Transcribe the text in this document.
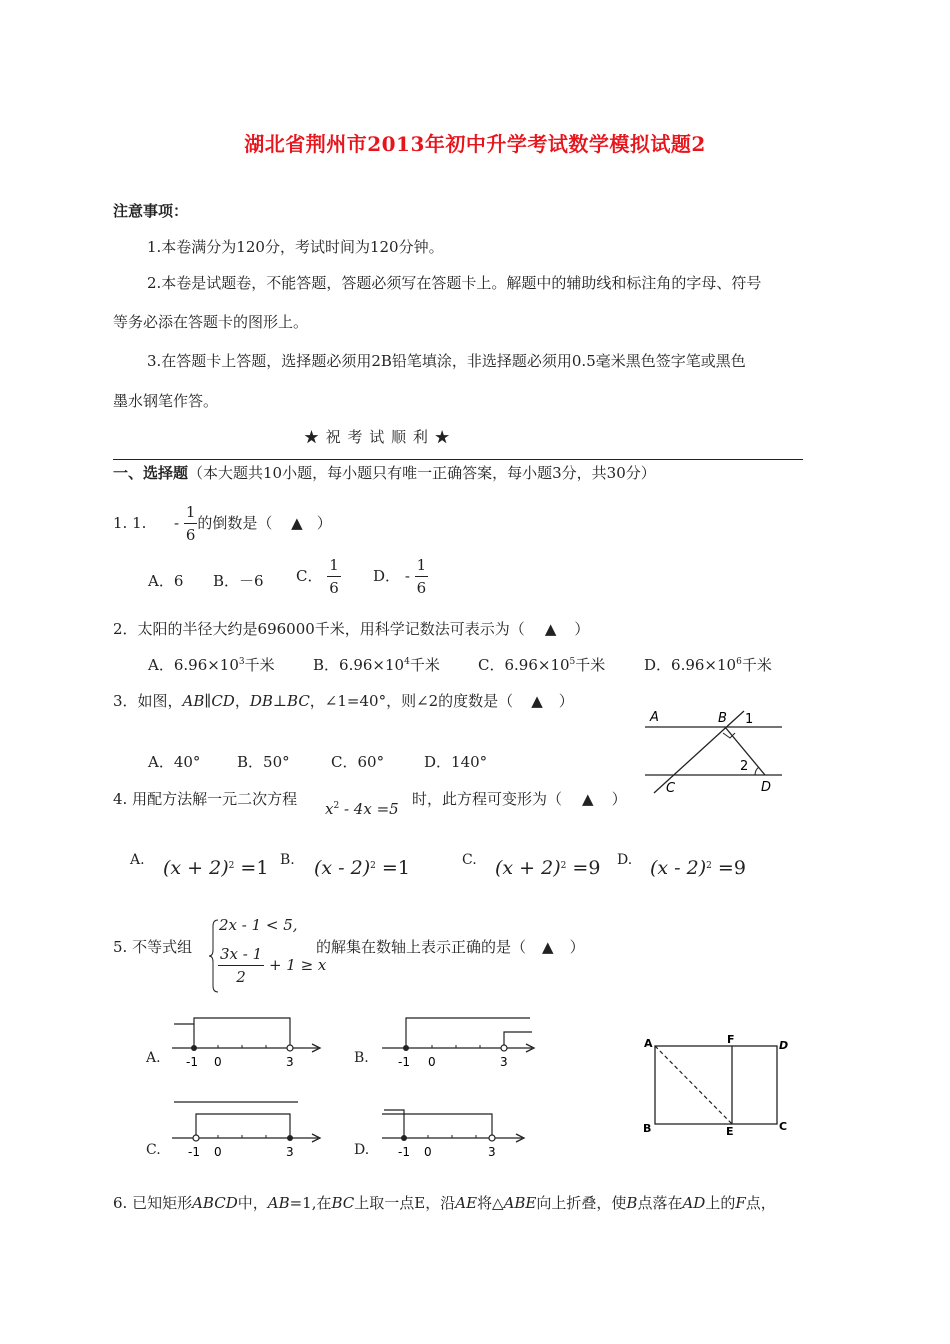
湖北省荆州市2013年初中升学考试数学模拟试题2
注意事项：
1.本卷满分为120分，考试时间为120分钟。
2.本卷是试题卷，不能答题，答题必须写在答题卡上。解题中的辅助线和标注角的字母、符号
等务必添在答题卡的图形上。
3.在答题卡上答题，选择题必须用2B铅笔填涂，非选择题必须用0.5毫米黑色签字笔或黑色
墨水钢笔作答。
★ 祝 考 试 顺 利 ★
一、选择题（本大题共10小题，每小题只有唯一正确答案，每小题3分，共30分）
1. 1. - $\frac{1}{6}$ 的倒数是（ ▲ ）
A．6 B．－6 C． $\frac{1}{6}$ D． - $\frac{1}{6}$
2．太阳的半径大约是696000千米，用科学记数法可表示为（ ▲ ）
A．$6.96\times 10^3$千米	B．$6.96\times 10^4$千米	C．$6.96\times 10^5$千米	D．$6.96\times 10^6$千米
3．如图，AB∥CD，DB⊥BC，∠1=40°，则∠2的度数是（ ▲ ）
A．40° B．50°	C．60°	D．140°
A	B 1
2
C	D
4. 用配方法解一元二次方程
$x^2 - 4x =5$
时，此方程可变形为（ ▲ ）
A. $(x + 2)^2 =1$ B. (x - 2)$^2$ =1	C. $(x + 2)^2 =9$ D. (x - 2)$^2$ =9
5. 不等式组
2x - 1 < 5,
$\frac{3x - 1}{2} + 1 \ge x$
的解集在数轴上表示正确的是（ ▲ ）
A. -1 0	3	B. -1 0	3
C. -1 0	3	D. -1 0	3
A	F	D
B	E	C
6. 已知矩形ABCD中，AB=1,在BC上取一点E，沿AE将△ABE向上折叠，使B点落在AD上的F点，
